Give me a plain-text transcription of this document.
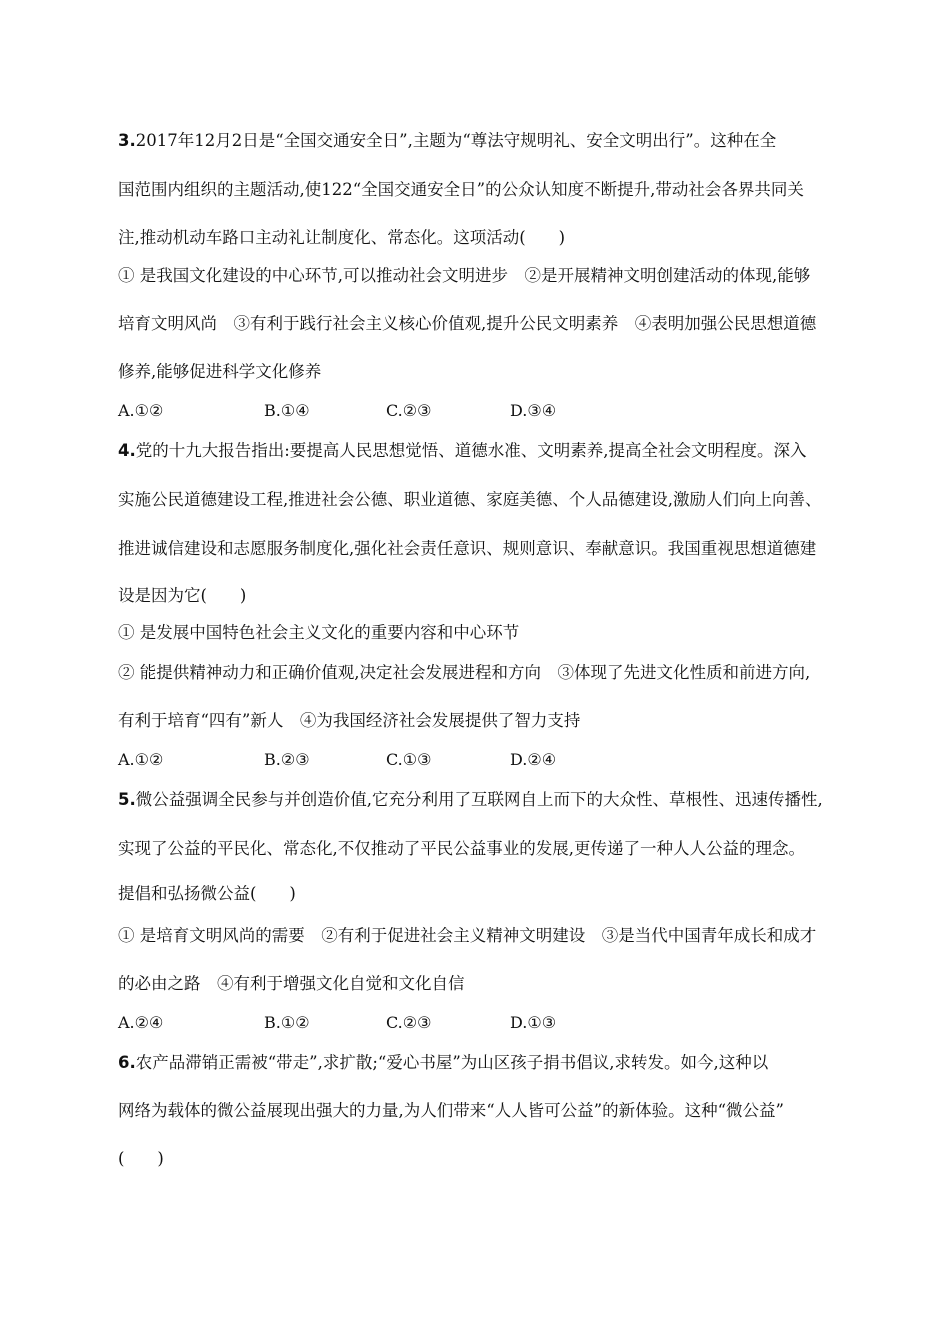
3.2017年12月2日是“全国交通安全日”,主题为“尊法守规明礼、安全文明出行”。这种在全
国范围内组织的主题活动,使122“全国交通安全日”的公众认知度不断提升,带动社会各界共同关
注,推动机动车路口主动礼让制度化、常态化。这项活动(　　)
① 是我国文化建设的中心环节,可以推动社会文明进步　②是开展精神文明创建活动的体现,能够
培育文明风尚　③有利于践行社会主义核心价值观,提升公民文明素养　④表明加强公民思想道德
修养,能够促进科学文化修养
A.①②	B.①④	C.②③	D.③④
4.党的十九大报告指出:要提高人民思想觉悟、道德水准、文明素养,提高全社会文明程度。深入
实施公民道德建设工程,推进社会公德、职业道德、家庭美德、个人品德建设,激励人们向上向善、
推进诚信建设和志愿服务制度化,强化社会责任意识、规则意识、奉献意识。我国重视思想道德建
设是因为它(　　)
① 是发展中国特色社会主义文化的重要内容和中心环节
② 能提供精神动力和正确价值观,决定社会发展进程和方向　③体现了先进文化性质和前进方向,
有利于培育“四有”新人　④为我国经济社会发展提供了智力支持
A.①②	B.②③	C.①③	D.②④
5.微公益强调全民参与并创造价值,它充分利用了互联网自上而下的大众性、草根性、迅速传播性,
实现了公益的平民化、常态化,不仅推动了平民公益事业的发展,更传递了一种人人公益的理念。
提倡和弘扬微公益(　　)
① 是培育文明风尚的需要　②有利于促进社会主义精神文明建设　③是当代中国青年成长和成才
的必由之路　④有利于增强文化自觉和文化自信
A.②④	B.①②	C.②③	D.①③
6.农产品滞销正需被“带走”,求扩散;“爱心书屋”为山区孩子捐书倡议,求转发。如今,这种以
网络为载体的微公益展现出强大的力量,为人们带来“人人皆可公益”的新体验。这种“微公益”
(　　)
